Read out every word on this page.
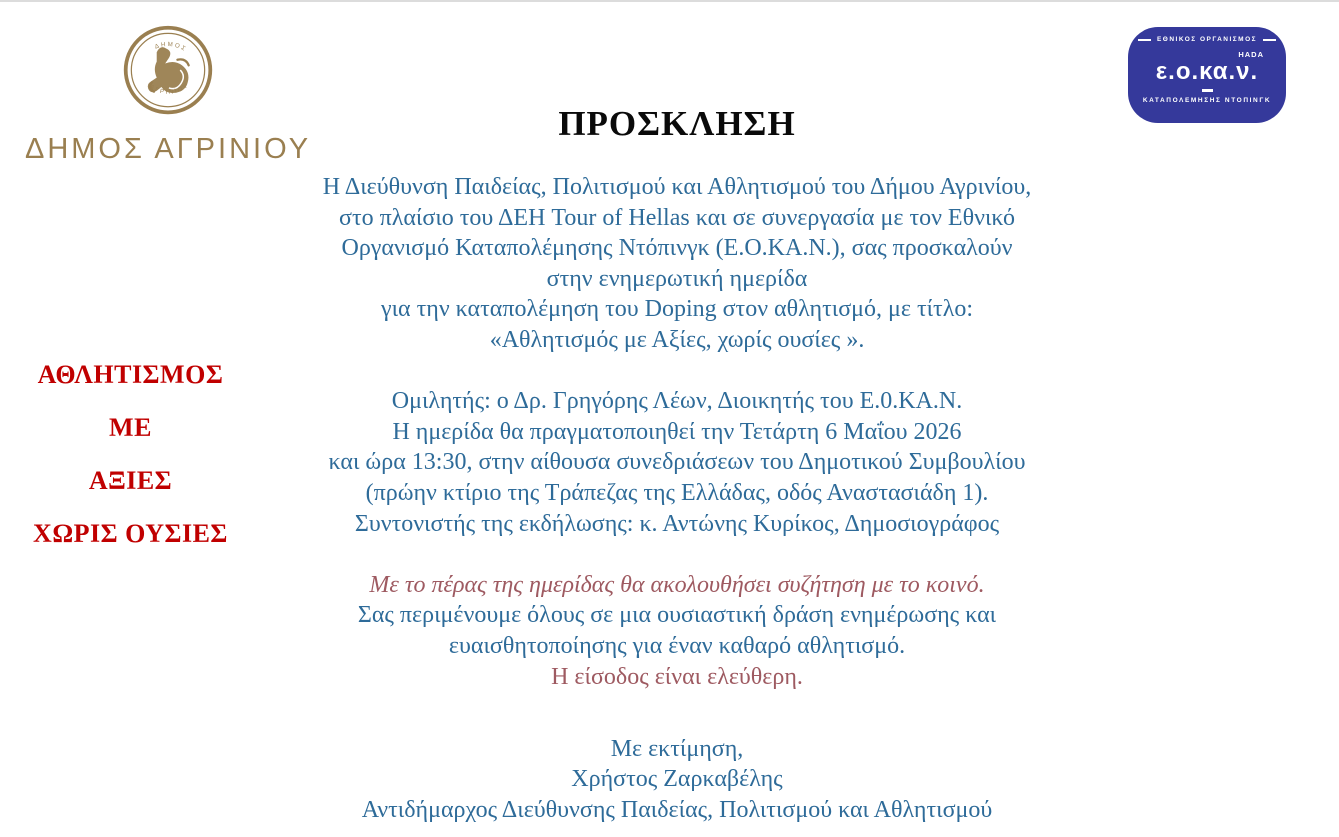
ΔΗΜΟΣ
ΑΓΡΙΝΙΟΥ
ΔΗΜΟΣ ΑΓΡΙΝΙΟΥ
ΕΘΝΙΚΟΣ ΟΡΓΑΝΙΣΜΟΣ
HADA
ε.ο.κα.ν.
ΚΑΤΑΠΟΛΕΜΗΣΗΣ ΝΤΟΠΙΝΓΚ
ΠΡΟΣΚΛΗΣΗ
ΑΘΛΗΤΙΣΜΟΣ
ΜΕ
ΑΞΙΕΣ
ΧΩΡΙΣ ΟΥΣΙΕΣ
Η Διεύθυνση Παιδείας, Πολιτισμού και Αθλητισμού του Δήμου Αγρινίου,
στο πλαίσιο του ΔΕΗ Tour of Hellas και σε συνεργασία με τον Εθνικό
Οργανισμό Καταπολέμησης Ντόπινγκ (Ε.Ο.ΚΑ.Ν.), σας προσκαλούν
στην ενημερωτική ημερίδα
για την καταπολέμηση του Doping στον αθλητισμό, με τίτλο:
«Αθλητισμός με Αξίες, χωρίς ουσίες ».
Ομιλητής: ο Δρ. Γρηγόρης Λέων, Διοικητής του Ε.0.ΚΑ.Ν.
Η ημερίδα θα πραγματοποιηθεί την Τετάρτη 6 Μαΐου 2026
και ώρα 13:30, στην αίθουσα συνεδριάσεων του Δημοτικού Συμβουλίου
(πρώην κτίριο της Τράπεζας της Ελλάδας, οδός Αναστασιάδη 1).
Συντονιστής της εκδήλωσης: κ. Αντώνης Κυρίκος, Δημοσιογράφος
Με το πέρας της ημερίδας θα ακολουθήσει συζήτηση με το κοινό.
Σας περιμένουμε όλους σε μια ουσιαστική δράση ενημέρωσης και
ευαισθητοποίησης για έναν καθαρό αθλητισμό.
Η είσοδος είναι ελεύθερη.
Με εκτίμηση,
Χρήστος Ζαρκαβέλης
Αντιδήμαρχος Διεύθυνσης Παιδείας, Πολιτισμού και Αθλητισμού
